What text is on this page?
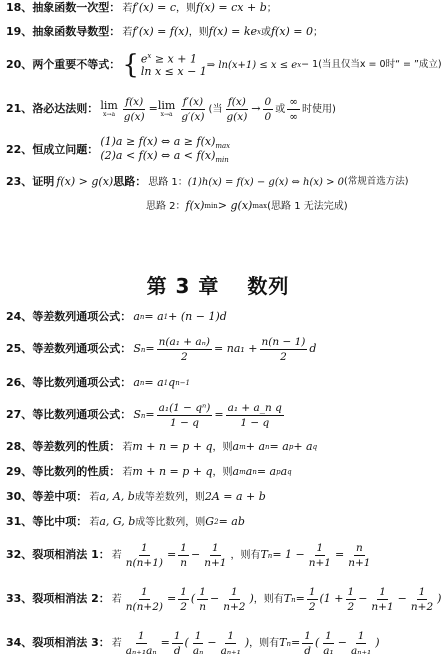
18、 抽象函数一次型： 若 f′(x) = c ，则 f(x) = cx + b ；
19、 抽象函数导数型： 若 f′(x) = f(x) ，则 f(x) = ke x 或 f(x) = 0 ；
20、 两个重要不等式： { $e^x \ge x + 1$
ln x ≤ x − 1
⇒ ln(x+1) ≤ x ≤ e x − 1(当且仅当x = 0时“ = ”成立)
21、 洛必达法则： lim
$x\to a \frac{f(x)}{g(x)} = \lim$
$x\to a \frac{f'(x)}{g'(x)}$ (当 $\frac{f(x)}{g(x)} \to \frac{0}{0}$ 或 $\frac{\infty}{\infty}$ 时使用)
22、 恒成立问题：
(1)a ≥ f(x) ⇔ $a \ge f(x)_{max}$
(2)a < f(x) ⇔ $a < f(x)_{min}$
23、 证明 f(x) > g(x) 思路： 思路 1： (1)h(x) = f(x) − g(x) ⇔ h(x) > 0 (常规首选方法)
思路 2： f(x) min > g(x) max (思路 1 无法完成)
第 3 章 数列
24、 等差数列通项公式： a n = a 1 + (n − 1)d
25、 等差数列通项公式： S $n = \frac{\text{n(a₁ + aₙ)}}{2} = na_1 + \frac{n(n - 1)}{2}$ d
26、 等比数列通项公式： a n = a 1 q n−1
27、 等比数列通项公式： S $n = \frac{\text{a₁(1 − qⁿ)}}{1 - q} = \frac{\text{a₁ + a\_n q}}{1 - q}$
28、 等差数列的性质： 若 m + n = p + q ，则 a m + a n = a p + a q
29、 等比数列的性质： 若 m + n = p + q ，则 a m a n = a p a q
30、 等差中项： 若 a, A, b 成等差数列，则 2A = a + b
31、 等比中项： 若 a, G, b 成等比数列，则 G 2 = ab
32、 裂项相消法 1： 若 $\frac{1}{n(n+1)} = \frac{1}{n} - \frac{1}{n+1}$ ，则有 T $n = 1 - \frac{1}{n+1} = \frac{n}{n+1}$
33、 裂项相消法 2： 若 $\frac{1}{n(n+2)} = \frac{1}{2}$ ( $\frac{1}{n} - \frac{1}{n+2}$ ) ，则有 T $n = \frac{1}{2} (1 + \frac{1}{2} - \frac{1}{n+1} - \frac{1}{n+2}$ )
34、 裂项相消法 3： 若 $\frac{1}{\text{aₙ₊₁aₙ}} = \frac{1}{d}$ ( $\frac{1}{\text{aₙ}} - \frac{1}{\text{aₙ₊₁}}$ ) ，则有 T $n = \frac{1}{d}$ ( $\frac{1}{\text{a₁}} - \frac{1}{\text{aₙ₊₁}}$ )
